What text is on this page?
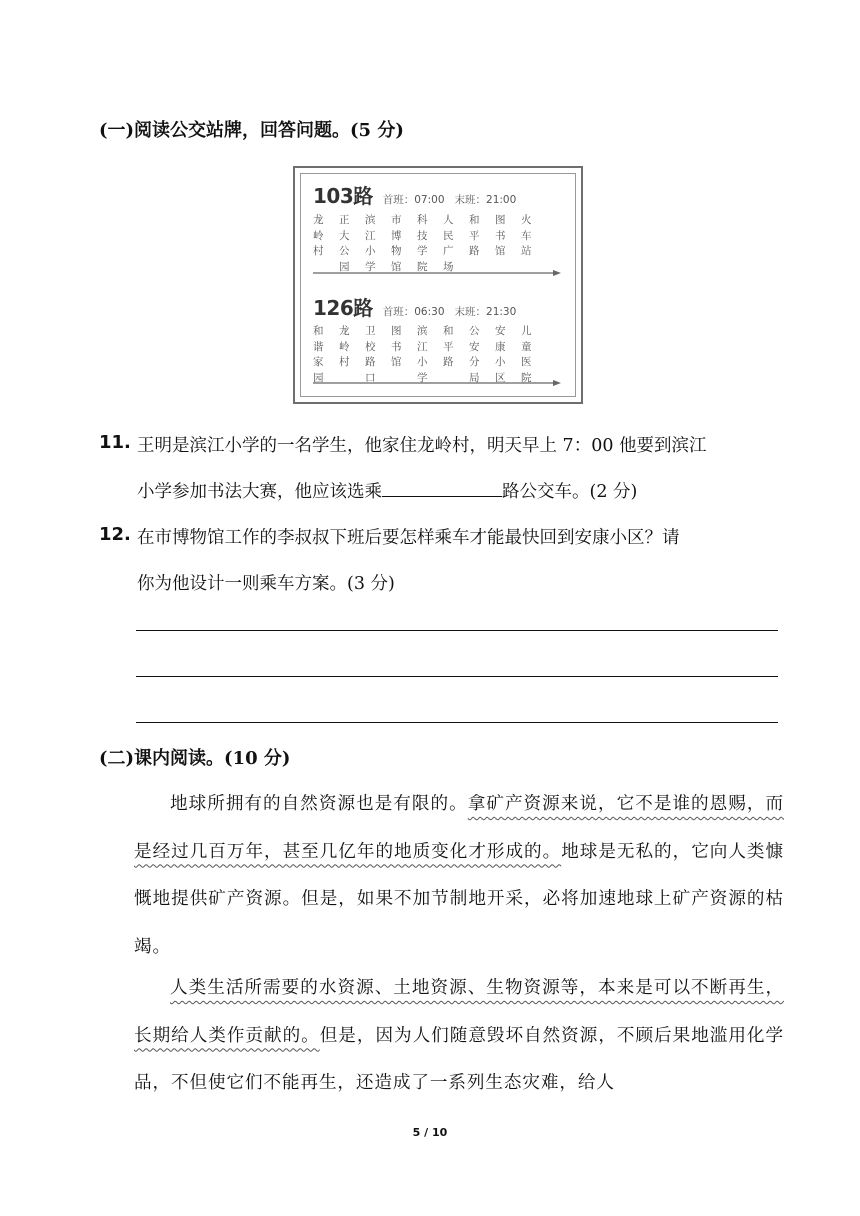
(一)阅读公交站牌，回答问题。(5 分)
103路 首班：07:00 末班：21:00
龙
岭
村
正
大
公
园
滨
江
小
学
市
博
物
馆
科
技
学
院
人
民
广
场
和
平
路
图
书
馆
火
车
站
126路 首班：06:30 末班：21:30
和
谐
家
园
龙
岭
村
卫
校
路
口
图
书
馆
滨
江
小
学
和
平
路
公
安
分
局
安
康
小
区
儿
童
医
院
11. 王明是滨江小学的一名学生，他家住龙岭村，明天早上 7：00 他要到滨江
小学参加书法大赛，他应该选乘	路公交车。(2 分)
12. 在市博物馆工作的李叔叔下班后要怎样乘车才能最快回到安康小区？请
你为他设计一则乘车方案。(3 分)
(二)课内阅读。(10 分)
地球所拥有的自然资源也是有限的。拿矿产资源来说，它不是谁的恩赐，而是经过几百万年，甚至几亿年的地质变化才形成的。地球是无私的，它向人类慷慨地提供矿产资源。但是，如果不加节制地开采，必将加速地球上矿产资源的枯竭。
人类生活所需要的水资源、土地资源、生物资源等，本来是可以不断再生，长期给人类作贡献的。但是，因为人们随意毁坏自然资源，不顾后果地滥用化学品，不但使它们不能再生，还造成了一系列生态灾难，给人
5 / 10
